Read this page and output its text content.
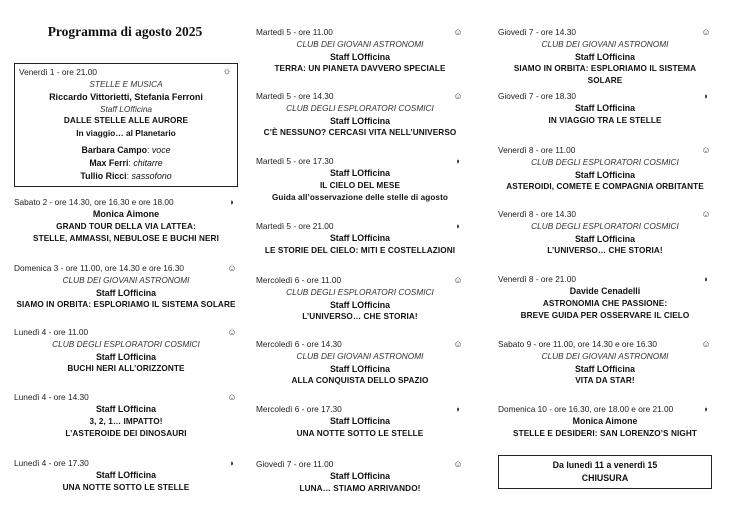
Programma di agosto 2025
Venerdì 1 - ore 21.00	☼
STELLE E MUSICA
Riccardo Vittorietti, Stefania Ferroni
Staff LOfficina
DALLE STELLE ALLE AURORE
In viaggio… al Planetario
Barbara Campo: voce
Max Ferri: chitarre
Tullio Ricci: sassofono
Sabato 2 - ore 14.30, ore 16.30 e ore 18.00	◗
Monica Aimone
GRAND TOUR DELLA VIA LATTEA:
STELLE, AMMASSI, NEBULOSE E BUCHI NERI
Domenica 3 - ore 11.00, ore 14.30 e ore 16.30	☺
CLUB DEI GIOVANI ASTRONOMI
Staff LOfficina
SIAMO IN ORBITA: ESPLORIAMO IL SISTEMA SOLARE
Lunedì 4 - ore 11.00	☺
CLUB DEGLI ESPLORATORI COSMICI
Staff LOfficina
BUCHI NERI ALL’ORIZZONTE
Lunedì 4 - ore 14.30	☺
Staff LOfficina
3, 2, 1… IMPATTO!
L’ASTEROIDE DEI DINOSAURI
Lunedì 4 - ore 17.30	◗
Staff LOfficina
UNA NOTTE SOTTO LE STELLE
Martedì 5 - ore 11.00	☺
CLUB DEI GIOVANI ASTRONOMI
Staff LOfficina
TERRA: UN PIANETA DAVVERO SPECIALE
Martedì 5 - ore 14.30	☺
CLUB DEGLI ESPLORATORI COSMICI
Staff LOfficina
C’È NESSUNO? CERCASI VITA NELL’UNIVERSO
Martedì 5 - ore 17.30	◗
Staff LOfficina
IL CIELO DEL MESE
Guida all’osservazione delle stelle di agosto
Martedì 5 - ore 21.00	◗
Staff LOfficina
LE STORIE DEL CIELO: MITI E COSTELLAZIONI
Mercoledì 6 - ore 11.00	☺
CLUB DEGLI ESPLORATORI COSMICI
Staff LOfficina
L’UNIVERSO… CHE STORIA!
Mercoledì 6 - ore 14.30	☺
CLUB DEI GIOVANI ASTRONOMI
Staff LOfficina
ALLA CONQUISTA DELLO SPAZIO
Mercoledì 6 - ore 17.30	◗
Staff LOfficina
UNA NOTTE SOTTO LE STELLE
Giovedì 7 - ore 11.00	☺
Staff LOfficina
LUNA… STIAMO ARRIVANDO!
Giovedì 7 - ore 14.30	☺
CLUB DEI GIOVANI ASTRONOMI
Staff LOfficina
SIAMO IN ORBITA: ESPLORIAMO IL SISTEMA SOLARE
Giovedì 7 - ore 18.30	◗
Staff LOfficina
IN VIAGGIO TRA LE STELLE
Venerdì 8 - ore 11.00	☺
CLUB DEGLI ESPLORATORI COSMICI
Staff LOfficina
ASTEROIDI, COMETE E COMPAGNIA ORBITANTE
Venerdì 8 - ore 14.30	☺
CLUB DEGLI ESPLORATORI COSMICI
Staff LOfficina
L’UNIVERSO… CHE STORIA!
Venerdì 8 - ore 21.00	◗
Davide Cenadelli
ASTRONOMIA CHE PASSIONE:
BREVE GUIDA PER OSSERVARE IL CIELO
Sabato 9 - ore 11.00, ore 14.30 e ore 16.30	☺
CLUB DEI GIOVANI ASTRONOMI
Staff LOfficina
VITA DA STAR!
Domenica 10 - ore 16.30, ore 18.00 e ore 21.00	◗
Monica Aimone
STELLE E DESIDERI: SAN LORENZO’S NIGHT
Da lunedì 11 a venerdì 15
CHIUSURA
